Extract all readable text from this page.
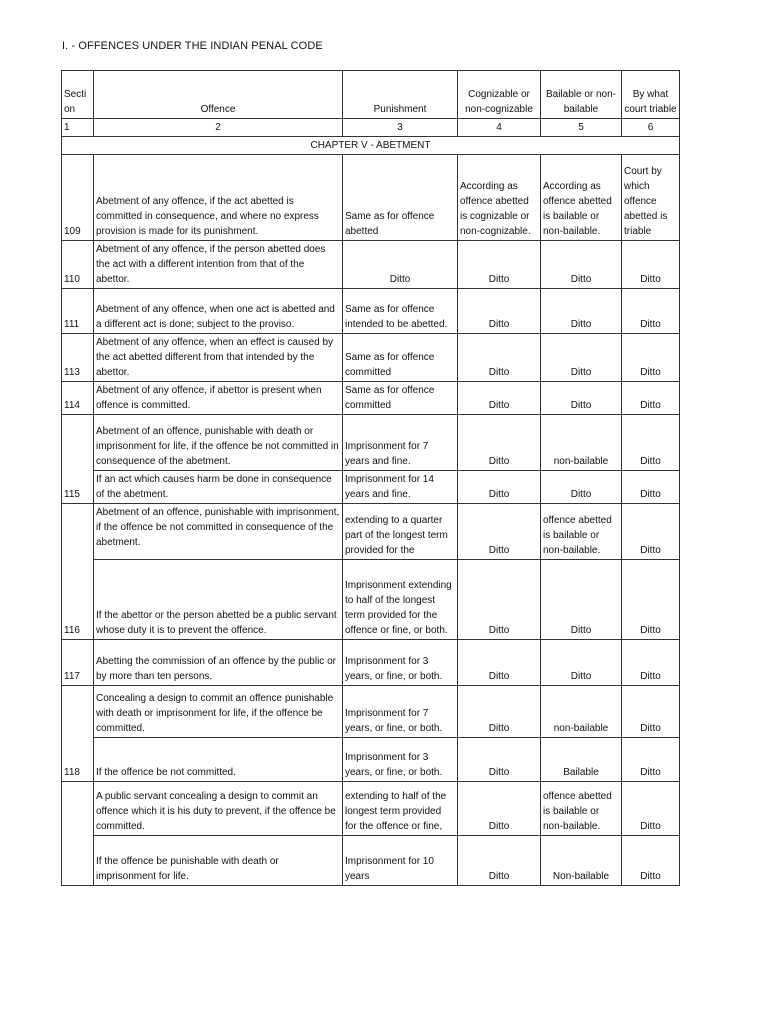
I. - OFFENCES UNDER THE INDIAN PENAL CODE
Secti on	Offence	Punishment	Cognizable or non-cognizable	Bailable or non-bailable	By what court triable
1	2	3	4	5	6
CHAPTER V - ABETMENT					
109	Abetment of any offence, if the act abetted is committed in consequence, and where no express provision is made for its punishment.	Same as for offence abetted	According as offence abetted is cognizable or non-cognizable.	According as offence abetted is bailable or non-bailable.	Court by which offence abetted is triable
110	Abetment of any offence, if the person abetted does the act with a different intention from that of the abettor.	Ditto	Ditto	Ditto	Ditto
111	Abetment of any offence, when one act is abetted and a different act is done; subject to the proviso.	Same as for offence intended to be abetted.	Ditto	Ditto	Ditto
113	Abetment of any offence, when an effect is caused by the act abetted different from that intended by the abettor.	Same as for offence committed	Ditto	Ditto	Ditto
114	Abetment of any offence, if abettor is present when offence is committed.	Same as for offence committed	Ditto	Ditto	Ditto
115	Abetment of an offence, punishable with death or imprisonment for life, if the offence be not committed in consequence of the abetment.	Imprisonment for 7 years and fine.	Ditto	non-bailable	Ditto
	If an act which causes harm be done in consequence of the abetment.	Imprisonment for 14 years and fine.	Ditto	Ditto	Ditto
116	Abetment of an offence, punishable with imprisonment, if the offence be not committed in consequence of the abetment.	extending to a quarter part of the longest term provided for the	Ditto	offence abetted is bailable or non-bailable.	Ditto
	If the abettor or the person abetted be a public servant whose duty it is to prevent the offence.	Imprisonment extending to half of the longest term provided for the offence or fine, or both.	Ditto	Ditto	Ditto
117	Abetting the commission of an offence by the public or by more than ten persons.	Imprisonment for 3 years, or fine, or both.	Ditto	Ditto	Ditto
118	Concealing a design to commit an offence punishable with death or imprisonment for life, if the offence be committed.	Imprisonment for 7 years, or fine, or both.	Ditto	non-bailable	Ditto
	If the offence be not committed.	Imprisonment for 3 years, or fine, or both.	Ditto	Bailable	Ditto
	A public servant concealing a design to commit an offence which it is his duty to prevent, if the offence be committed.	extending to half of the longest term provided for the offence or fine,	Ditto	offence abetted is bailable or non-bailable.	Ditto
	If the offence be punishable with death or imprisonment for life.	Imprisonment for 10 years	Ditto	Non-bailable	Ditto
